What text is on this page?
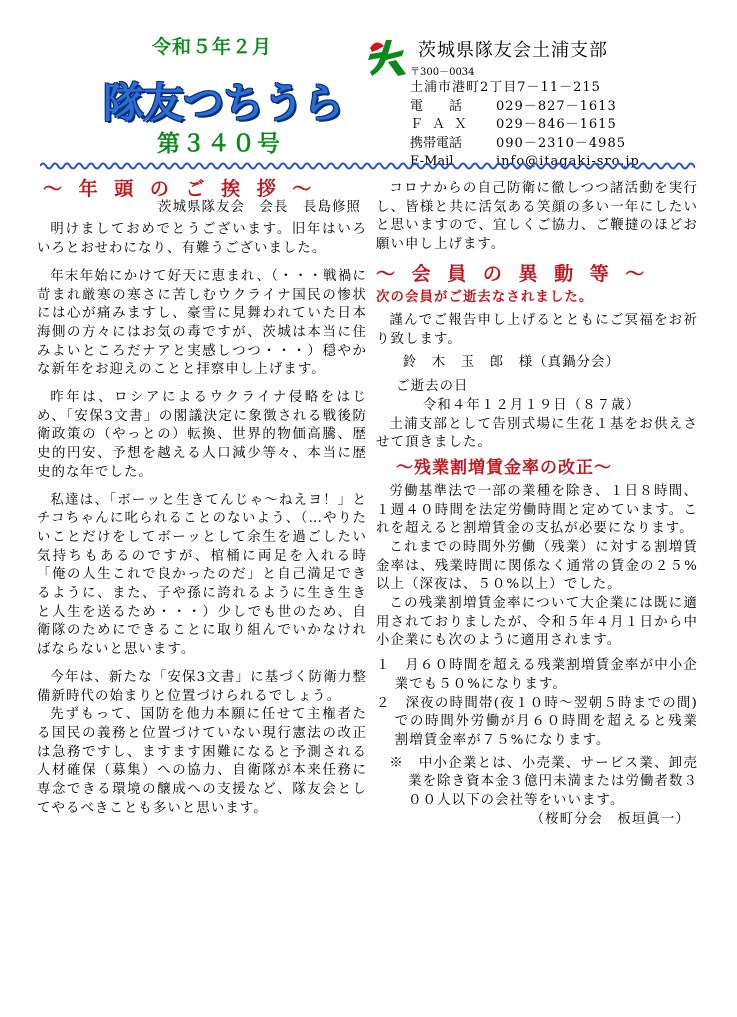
令和５年２月
隊友つちうら
第３４０号
茨城県隊友会土浦支部
〒300－0034
土浦市港町2丁目7－11－215
電　　話	029－827－1613
ＦＡＸ	029－846－1615
携帯電話	090－2310－4985
E-Mail	info@itagaki-sro.jp
～ 年 頭 の ご 挨 拶 ～

茨城県隊友会　会長　長島修照

明けましておめでとうございます。旧年はいろいろとおせわになり、有難うございました。

年末年始にかけて好天に恵まれ、（・・・戦禍に苛まれ厳寒の寒さに苦しむウクライナ国民の惨状には心が痛みますし、豪雪に見舞われていた日本海側の方々にはお気の毒ですが、茨城は本当に住みよいところだナアと実感しつつ・・・）穏やかな新年をお迎えのことと拝察申し上げます。

昨年は、ロシアによるウクライナ侵略をはじめ、「安保3文書」の閣議決定に象徴される戦後防衛政策の（やっとの）転換、世界的物価高騰、歴史的円安、予想を越える人口減少等々、本当に歴史的な年でした。

私達は、「ボーッと生きてんじゃ～ねえヨ！」とチコちゃんに叱られることのないよう、（…やりたいことだけをしてボーッとして余生を過ごしたい気持ちもあるのですが、棺桶に両足を入れる時「俺の人生これで良かったのだ」と自己満足できるように、また、子や孫に誇れるように生き生きと人生を送るため・・・）少しでも世のため、自衛隊のためにできることに取り組んでいかなければならないと思います。

今年は、新たな「安保3文書」に基づく防衛力整備新時代の始まりと位置づけられるでしょう。

先ずもって、国防を他力本願に任せて主権者たる国民の義務と位置づけていない現行憲法の改正は急務ですし、ますます困難になると予測される人材確保（募集）への協力、自衛隊が本来任務に専念できる環境の醸成への支援など、隊友会としてやるべきことも多いと思います。

コロナからの自己防衛に徹しつつ諸活動を実行し、皆様と共に活気ある笑顔の多い一年にしたいと思いますので、宜しくご協力、ご鞭撻のほどお願い申し上げます。

～ 会 員 の 異 動 等 ～

次の会員がご逝去なされました。

謹んでご報告申し上げるとともにご冥福をお祈り致します。

鈴　木　玉　郎　様（真鍋分会）

ご逝去の日

令和４年１２月１９日（８７歳）

土浦支部として告別式場に生花１基をお供えさせて頂きました。

～残業割増賃金率の改正～

労働基準法で一部の業種を除き、１日８時間、１週４０時間を法定労働時間と定めています。これを超えると割増賃金の支払が必要になります。

これまでの時間外労働（残業）に対する割増賃金率は、残業時間に関係なく通常の賃金の２５%以上（深夜は、５０%以上）でした。

この残業割増賃金率について大企業には既に適用されておりましたが、令和５年４月１日から中小企業にも次のように適用されます。

１　月６０時間を超える残業割増賃金率が中小企業でも５０%になります。

２　深夜の時間帯(夜１０時～翌朝５時までの間)での時間外労働が月６０時間を超えると残業割増賃金率が７５%になります。

※　中小企業とは、小売業、サービス業、卸売業を除き資本金３億円未満または労働者数３００人以下の会社等をいいます。

（桜町分会　板垣眞一）
